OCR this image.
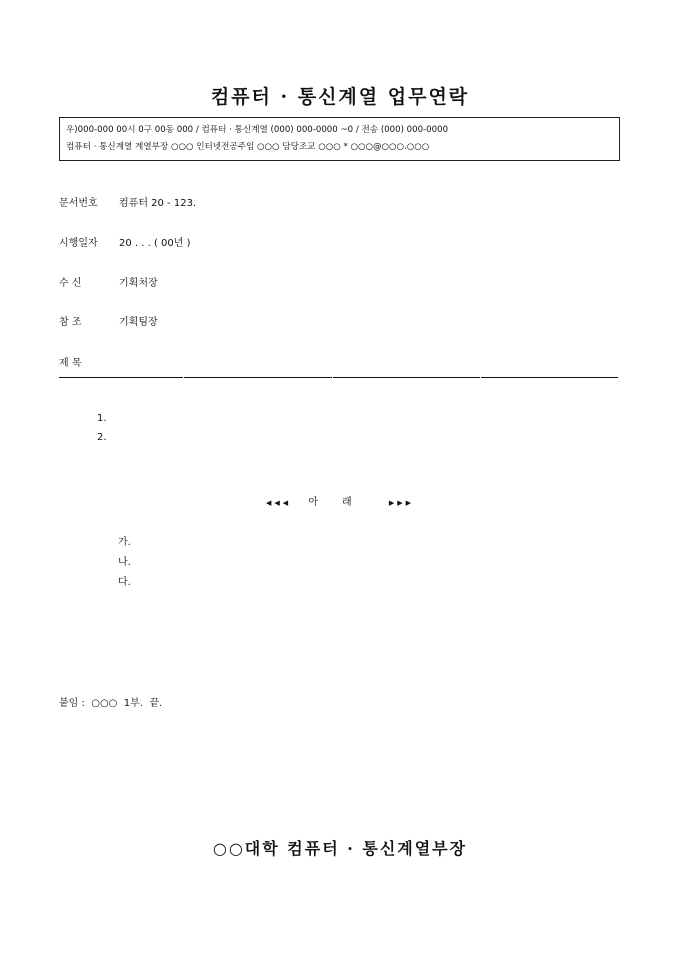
컴퓨터 · 통신계열 업무연락
우)000-000 00시 0구 00동 000 / 컴퓨터 · 통신계열 (000) 000-0000 ~0 / 전송 (000) 000-0000
컴퓨터 · 통신계열 계열부장 ○○○ 인터넷전공주임 ○○○ 담당조교 ○○○ * ○○○@○○○.○○○
문서번호 컴퓨터 20 - 123.
시행일자 20 . . . ( 00년 )
수 신	기획처장
참 조	기획팀장
제 목
1.
2.
◀◀◀ 아래 ▶▶▶
가.
나.
다.
붙임 :  ○○○  1부.  끝.
○○대학 컴퓨터 · 통신계열부장
